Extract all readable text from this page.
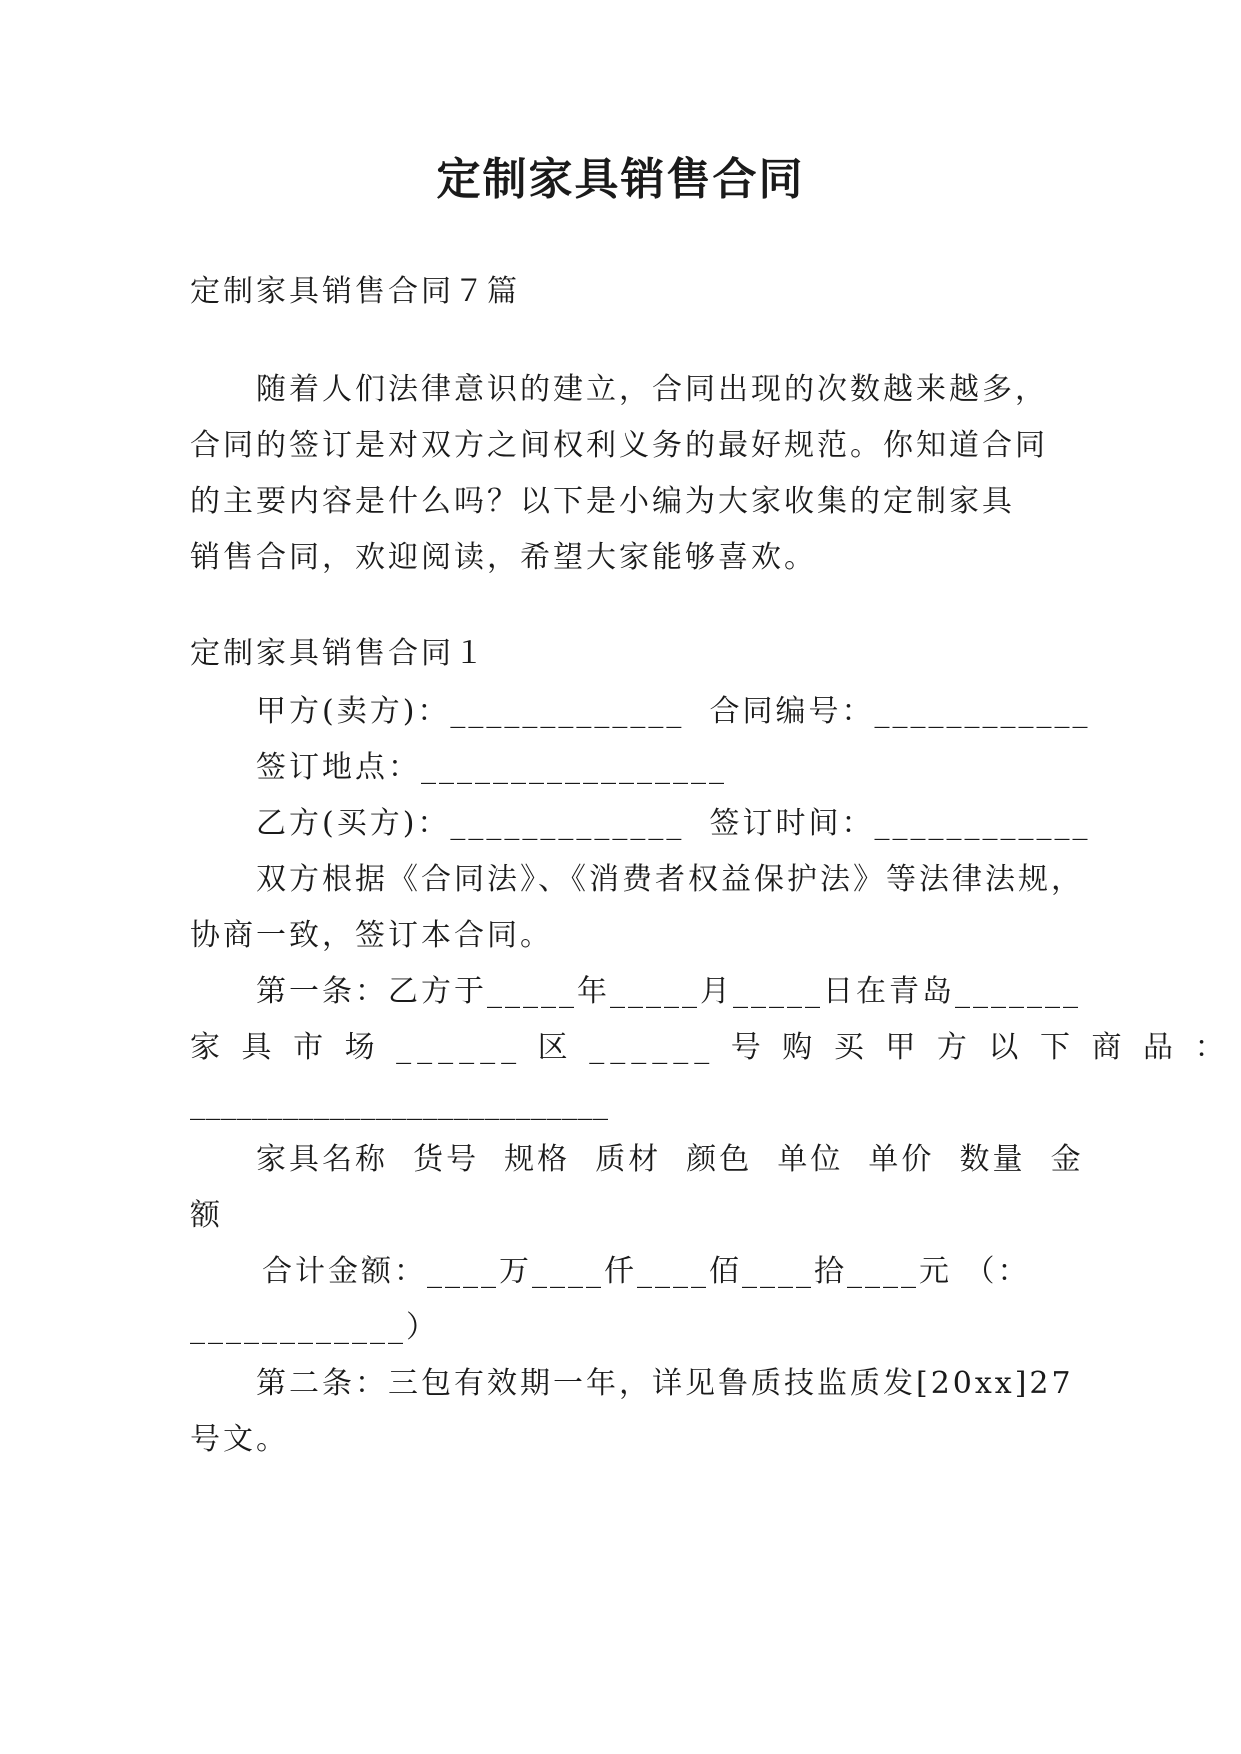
定制家具销售合同
定制家具销售合同７篇
随着人们法律意识的建立，合同出现的次数越来越多，
合同的签订是对双方之间权利义务的最好规范。你知道合同
的主要内容是什么吗？以下是小编为大家收集的定制家具
销售合同，欢迎阅读，希望大家能够喜欢。
定制家具销售合同１
甲方(卖方)：_____________  合同编号：____________
签订地点：_________________
乙方(买方)：_____________  签订时间：____________
双方根据《合同法》、《消费者权益保护法》等法律法规，
协商一致，签订本合同。
第一条：乙方于_____年_____月_____日在青岛_______
家 具 市 场 ______ 区 ______ 号 购 买 甲 方 以 下 商 品 ：
___________________________
家具名称  货号  规格  质材  颜色  单位  单价  数量  金
额
合计金额：____万____仟____佰____拾____元 （：
____________）
第二条：三包有效期一年，详见鲁质技监质发[20xx]27
号文。
